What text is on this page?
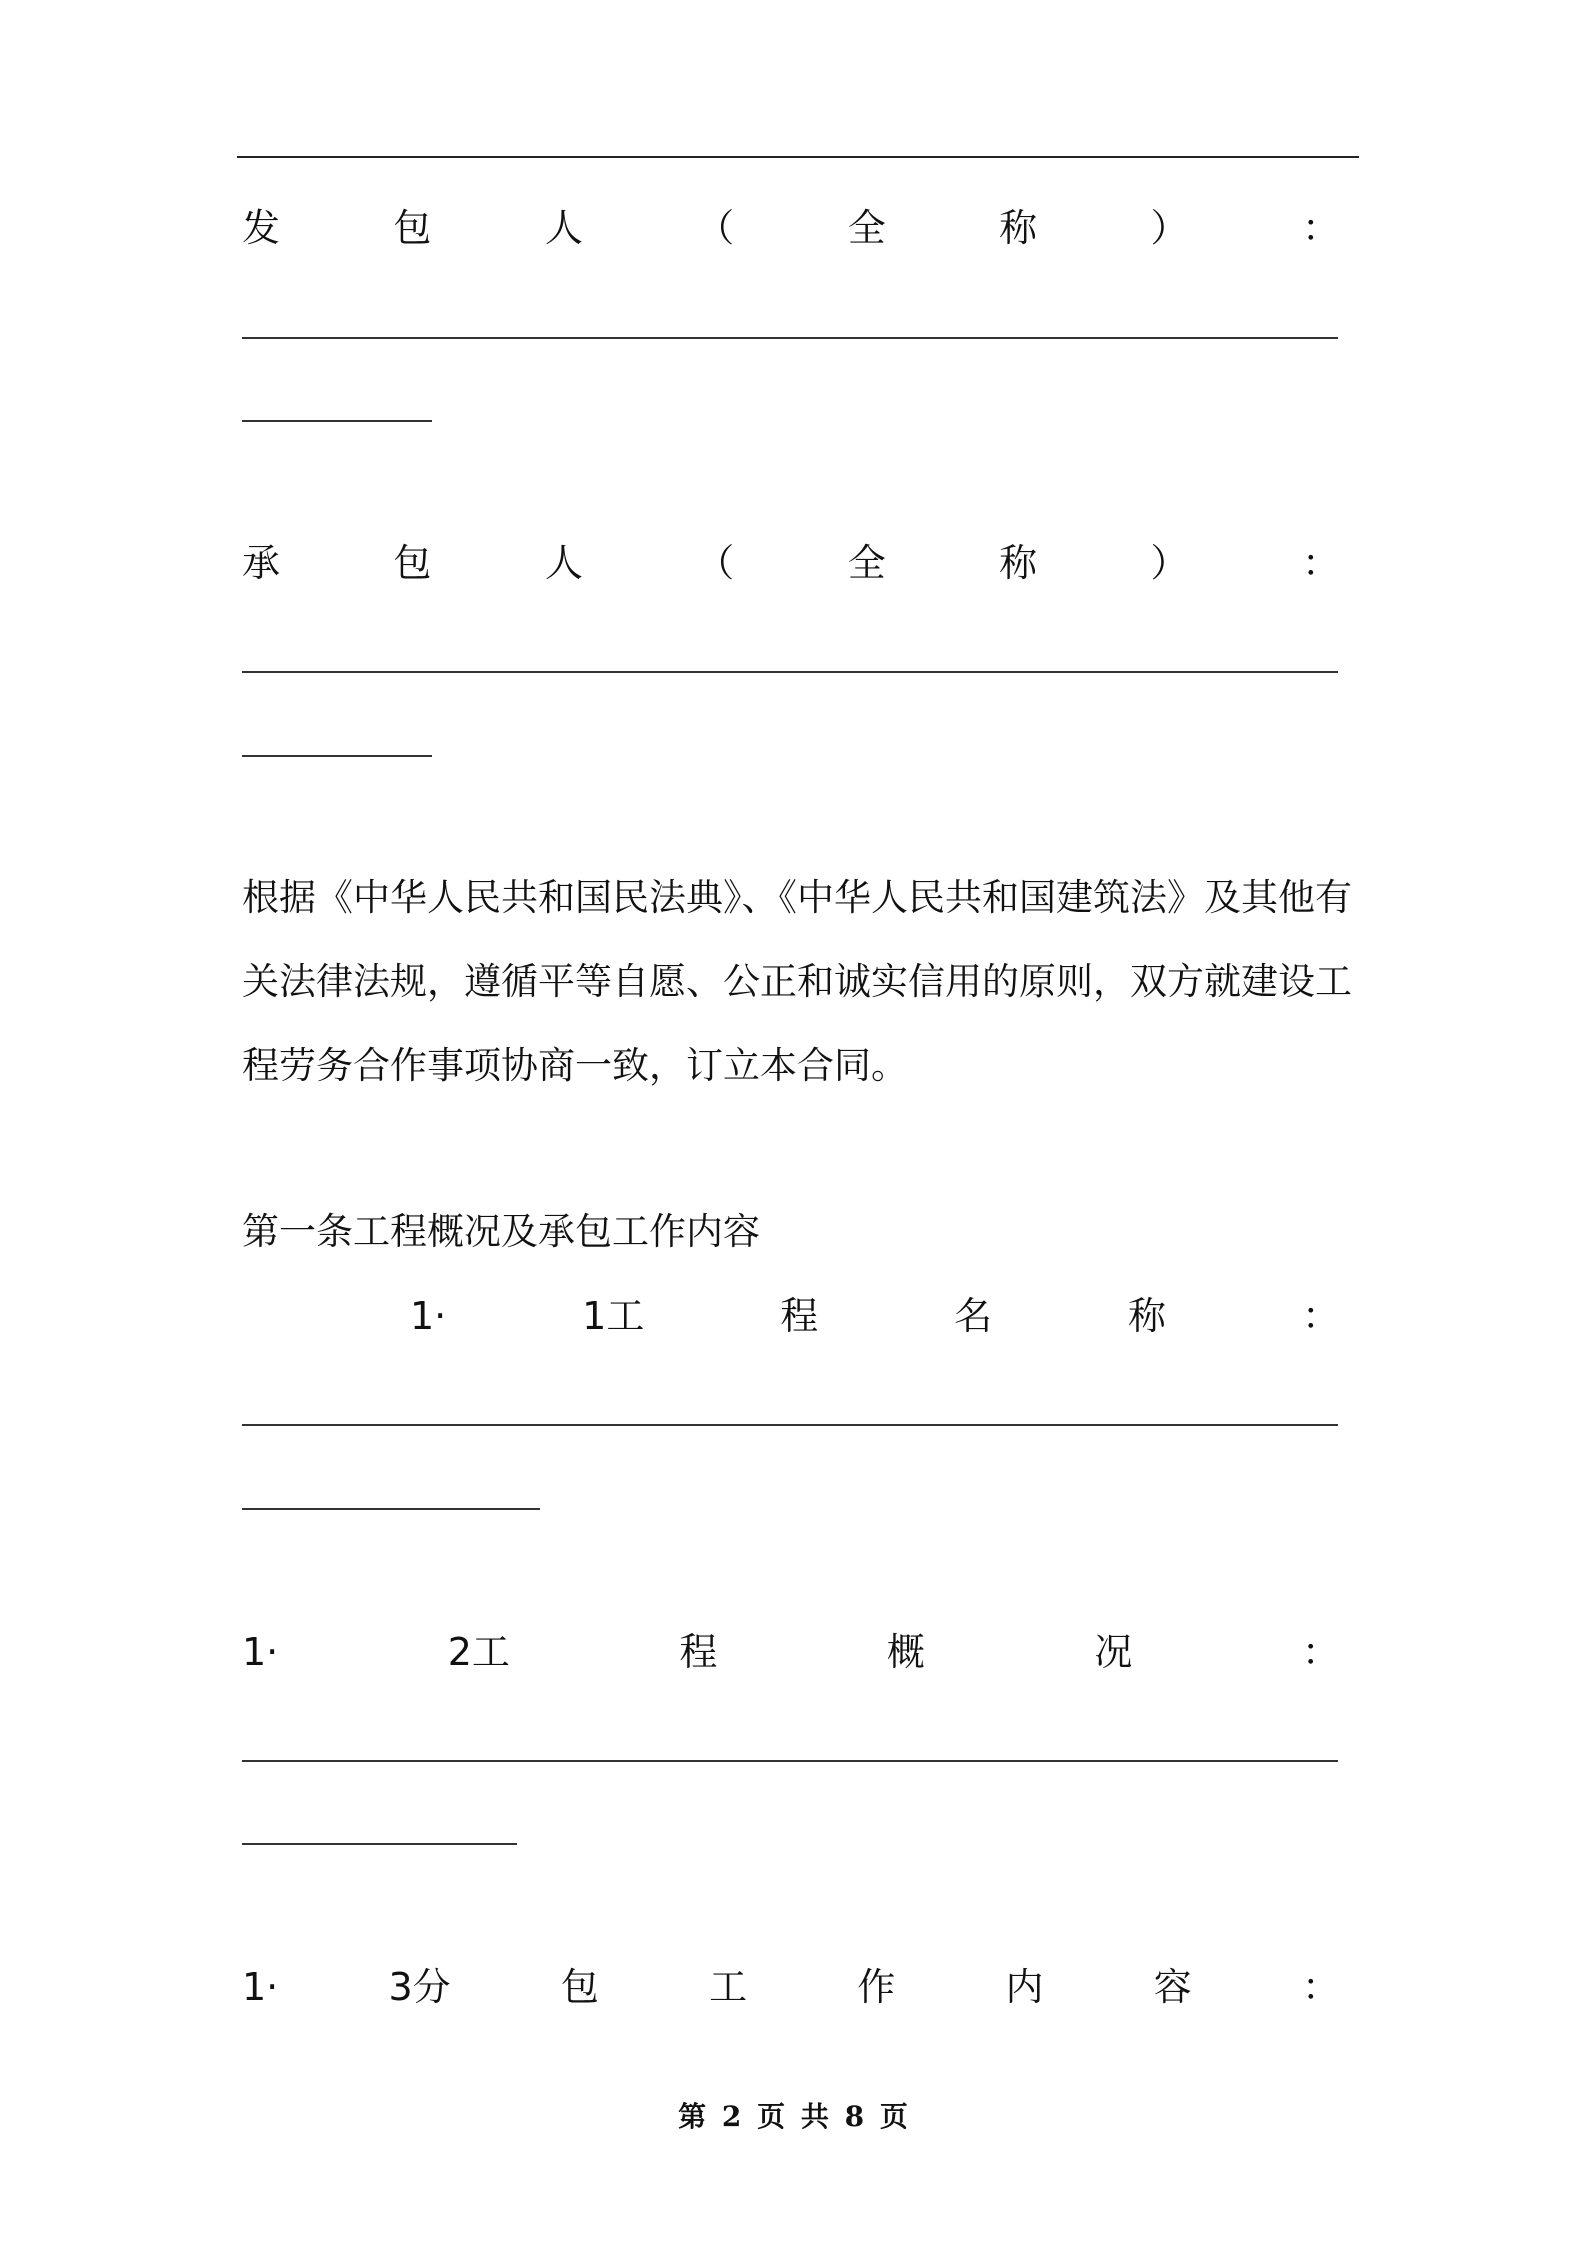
发	包	人	（	全	称	）	：
承	包	人	（	全	称	）	：
根据《中华人民共和国民法典》、《中华人民共和国建筑法》及其他有
关法律法规，遵循平等自愿、公正和诚实信用的原则，双方就建设工
程劳务合作事项协商一致，订立本合同。
第一条工程概况及承包工作内容
1·	1工	程	名	称	：
1·	2工	程	概	况	：
1·	3分	包	工	作	内	容	：
第 2 页 共 8 页
